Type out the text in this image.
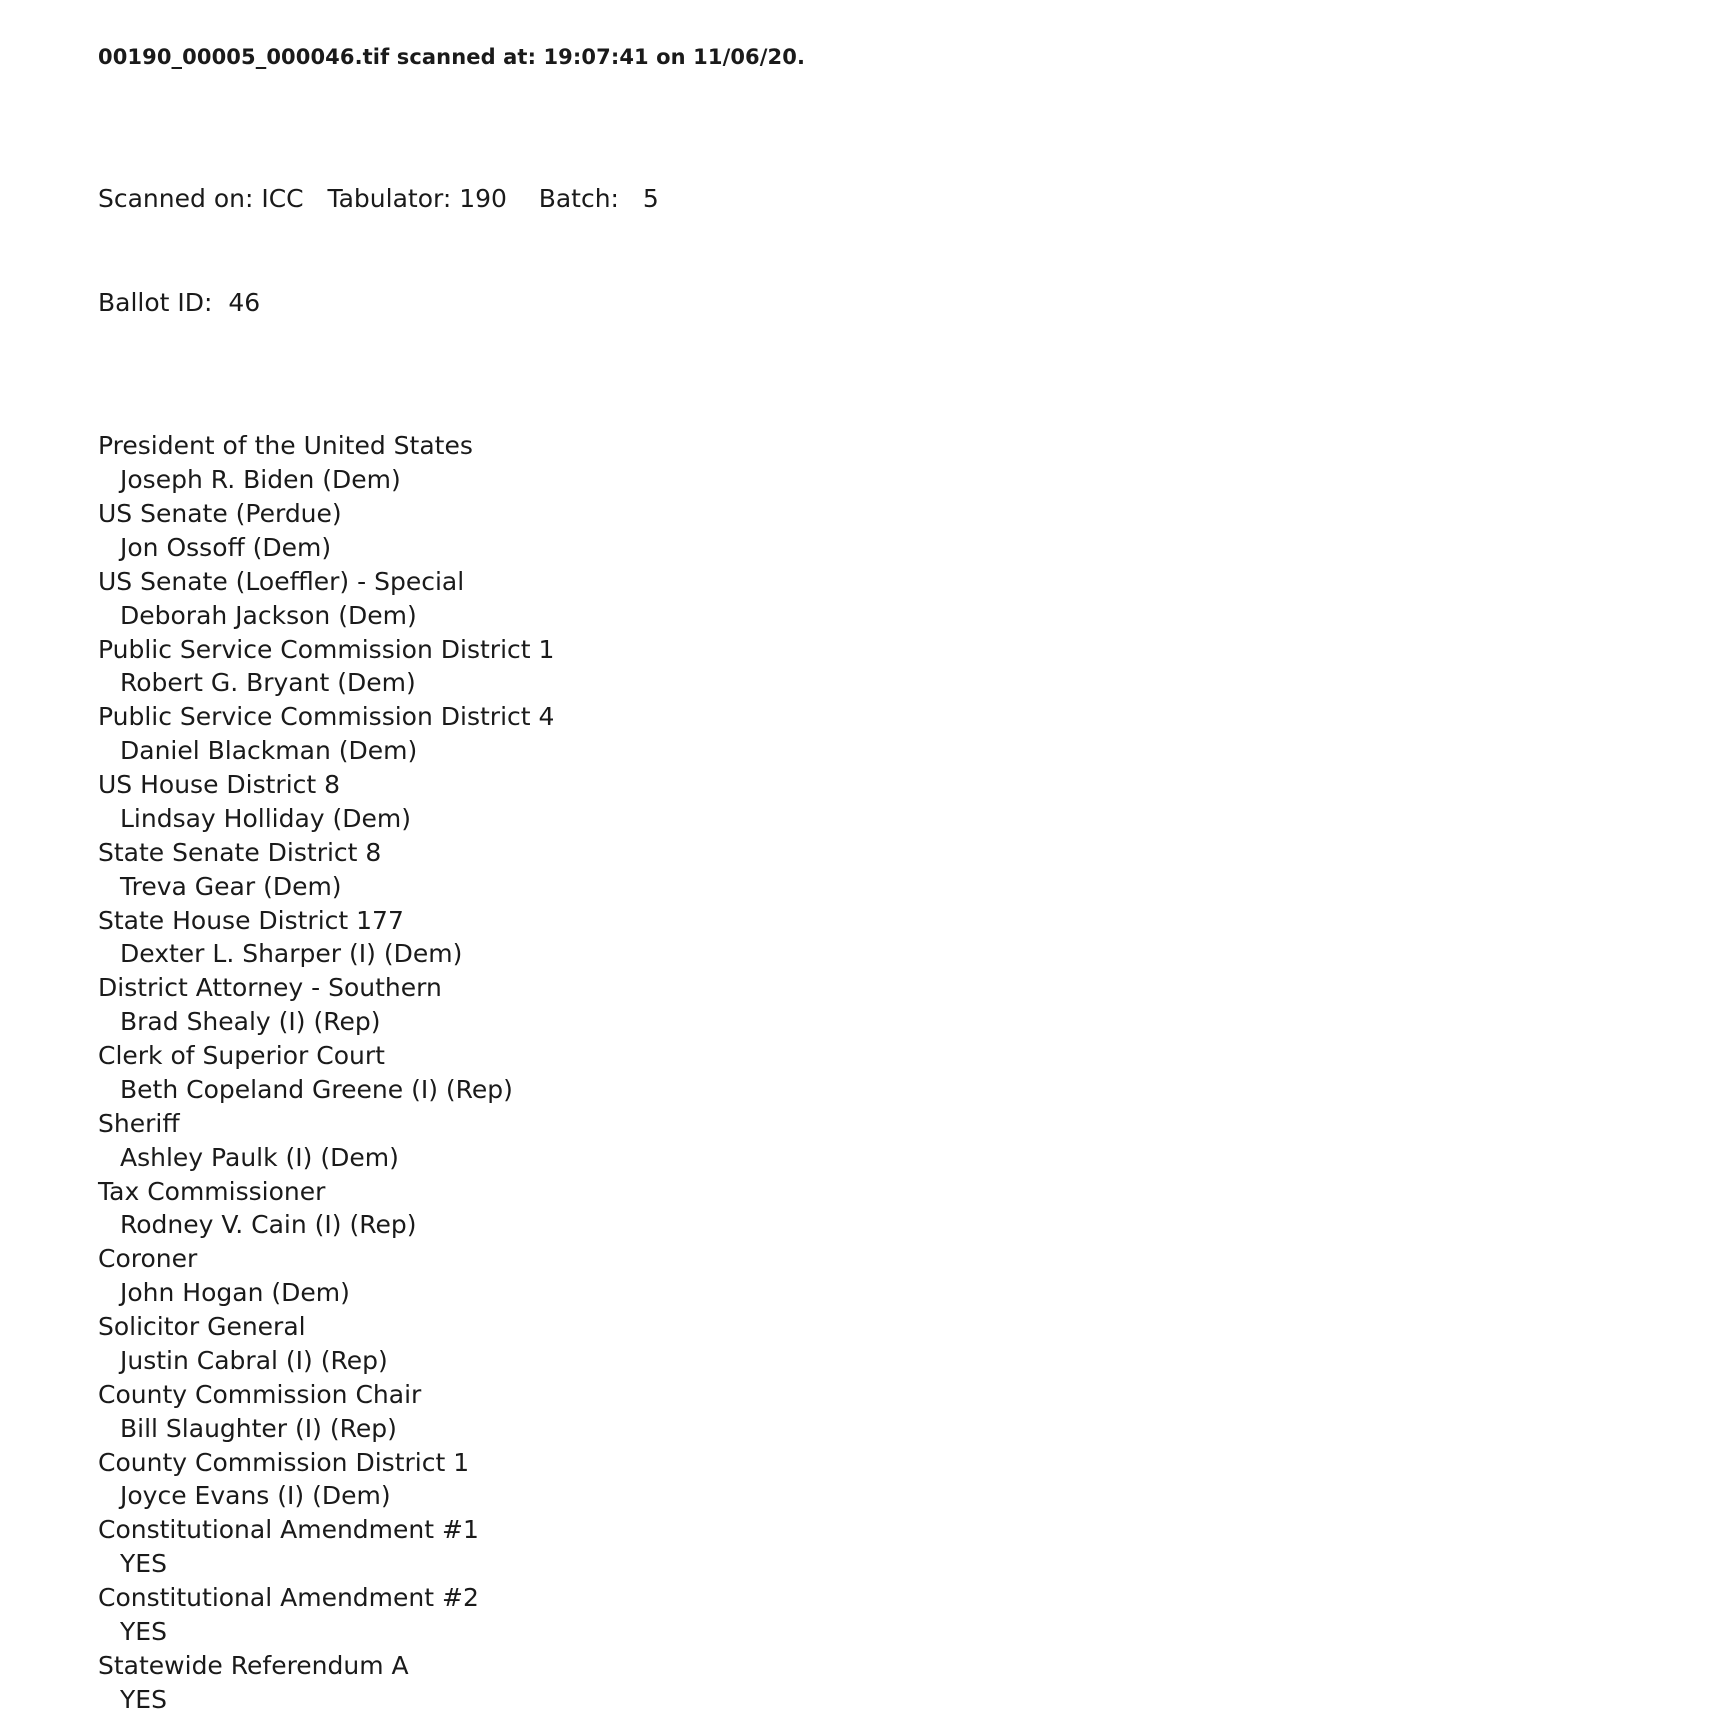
00190_00005_000046.tif scanned at: 19:07:41 on 11/06/20.

Scanned on: ICC   Tabulator: 190    Batch:   5

Ballot ID:  46

President of the United States
Joseph R. Biden (Dem)
US Senate (Perdue)
Jon Ossoff (Dem)
US Senate (Loeffler) - Special
Deborah Jackson (Dem)
Public Service Commission District 1
Robert G. Bryant (Dem)
Public Service Commission District 4
Daniel Blackman (Dem)
US House District 8
Lindsay Holliday (Dem)
State Senate District 8
Treva Gear (Dem)
State House District 177
Dexter L. Sharper (I) (Dem)
District Attorney - Southern
Brad Shealy (I) (Rep)
Clerk of Superior Court
Beth Copeland Greene (I) (Rep)
Sheriff
Ashley Paulk (I) (Dem)
Tax Commissioner
Rodney V. Cain (I) (Rep)
Coroner
John Hogan (Dem)
Solicitor General
Justin Cabral (I) (Rep)
County Commission Chair
Bill Slaughter (I) (Rep)
County Commission District 1
Joyce Evans (I) (Dem)
Constitutional Amendment #1
YES
Constitutional Amendment #2
YES
Statewide Referendum A
YES
